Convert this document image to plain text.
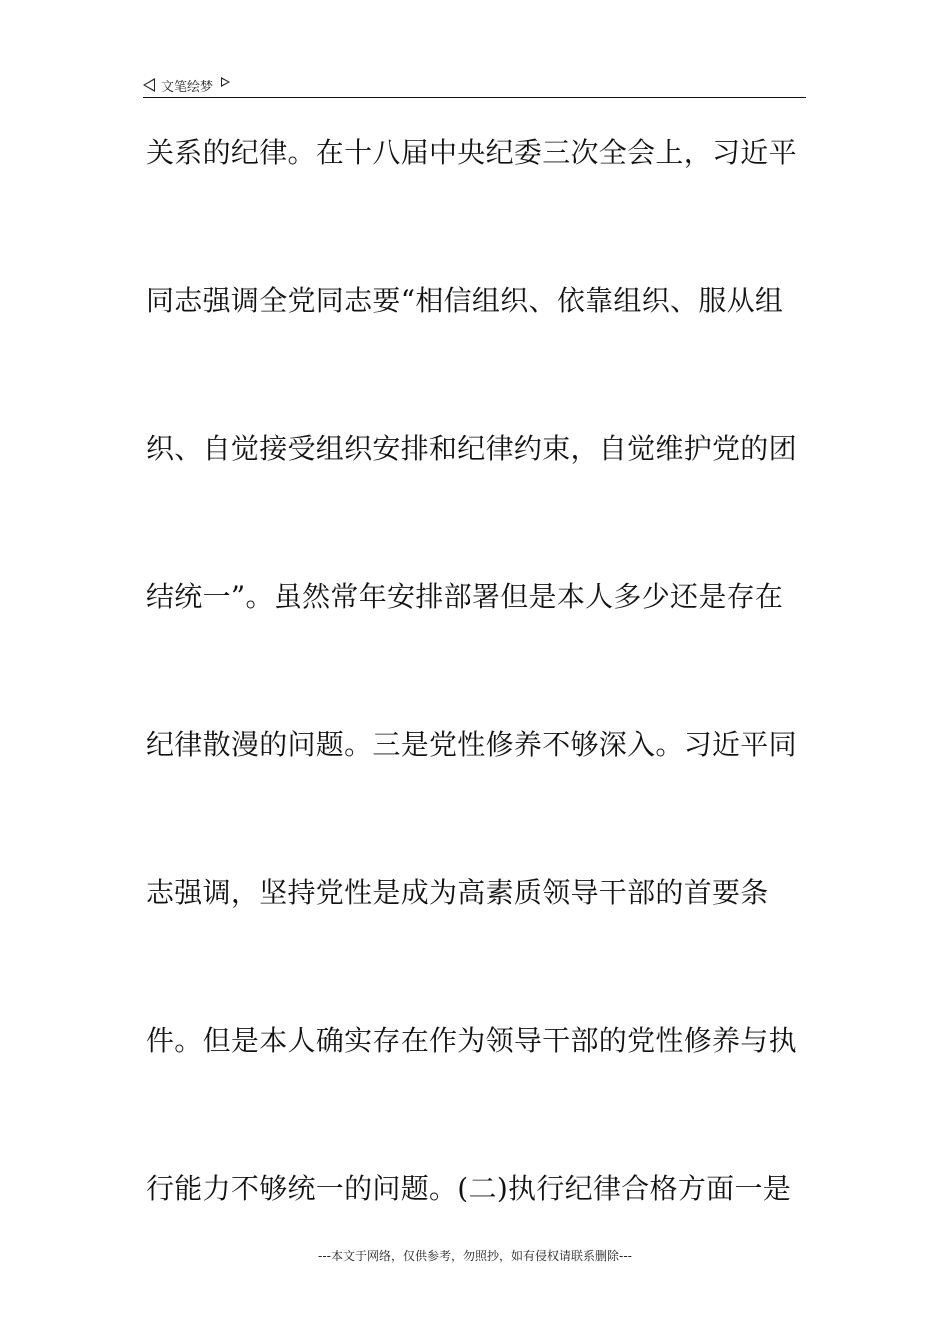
文笔绘梦
关系的纪律。在十八届中央纪委三次全会上，习近平
同志强调全党同志要“相信组织、依靠组织、服从组
织、自觉接受组织安排和纪律约束，自觉维护党的团
结统一”。虽然常年安排部署但是本人多少还是存在
纪律散漫的问题。三是党性修养不够深入。习近平同
志强调，坚持党性是成为高素质领导干部的首要条
件。但是本人确实存在作为领导干部的党性修养与执
行能力不够统一的问题。(二)执行纪律合格方面一是
---本文于网络，仅供参考，勿照抄，如有侵权请联系删除---
